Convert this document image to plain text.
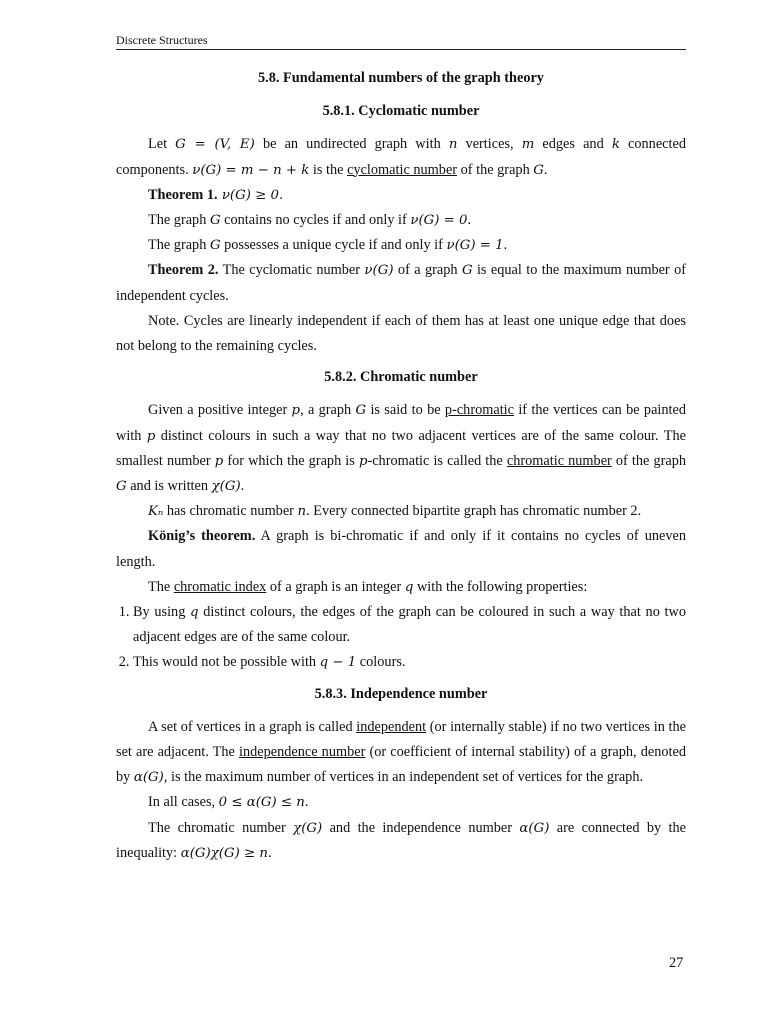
Discrete Structures
5.8. Fundamental numbers of the graph theory
5.8.1. Cyclomatic number

Let G = (V, E) be an undirected graph with n vertices, m edges and k connected components. ν(G) = m − n + k is the cyclomatic number of the graph G.

Theorem 1. ν(G) ≥ 0.

The graph G contains no cycles if and only if ν(G) = 0.

The graph G possesses a unique cycle if and only if ν(G) = 1.

Theorem 2. The cyclomatic number ν(G) of a graph G is equal to the maximum number of independent cycles.

Note. Cycles are linearly independent if each of them has at least one unique edge that does not belong to the remaining cycles.

5.8.2. Chromatic number

Given a positive integer p, a graph G is said to be p-chromatic if the vertices can be painted with p distinct colours in such a way that no two adjacent vertices are of the same colour. The smallest number p for which the graph is p-chromatic is called the chromatic number of the graph G and is written χ(G).

Kₙ has chromatic number n. Every connected bipartite graph has chromatic number 2.

König’s theorem. A graph is bi-chromatic if and only if it contains no cycles of uneven length.

The chromatic index of a graph is an integer q with the following properties:

1. By using q distinct colours, the edges of the graph can be coloured in such a way that no two adjacent edges are of the same colour.
2. This would not be possible with q − 1 colours.
5.8.3. Independence number

A set of vertices in a graph is called independent (or internally stable) if no two vertices in the set are adjacent. The independence number (or coefficient of internal stability) of a graph, denoted by α(G), is the maximum number of vertices in an independent set of vertices for the graph.

In all cases, 0 ≤ α(G) ≤ n.

The chromatic number χ(G) and the independence number α(G) are connected by the inequality: α(G)χ(G) ≥ n.

27
